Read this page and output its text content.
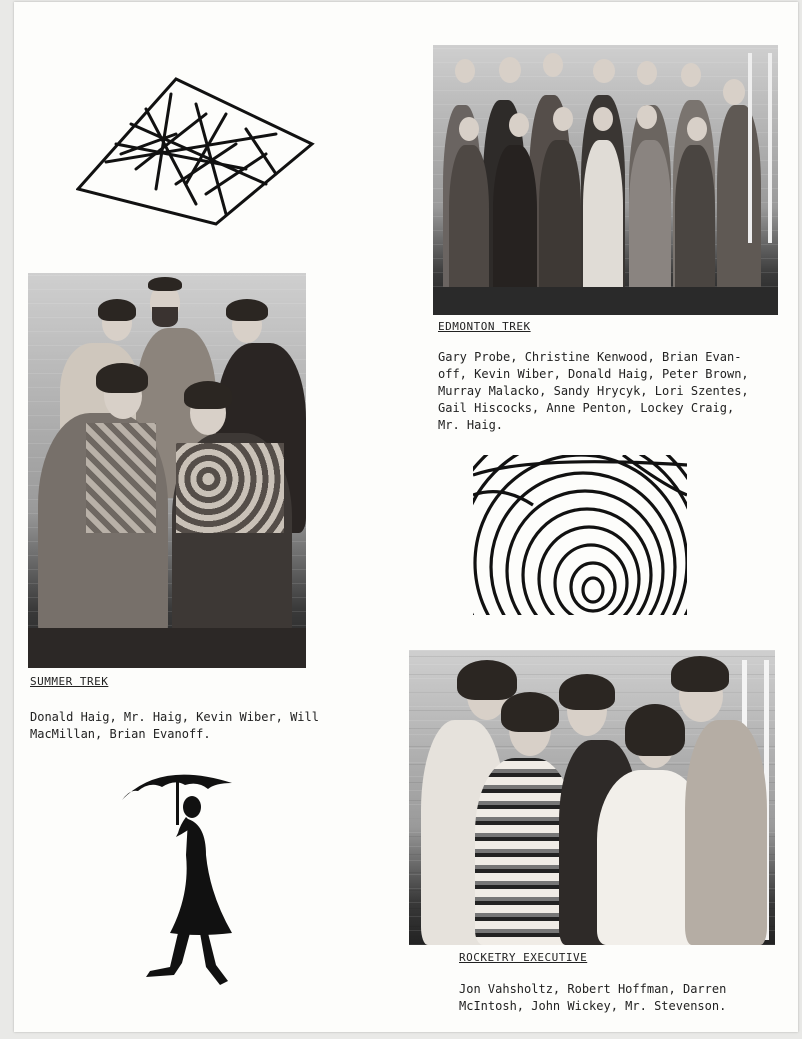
EDMONTON TREK
Gary Probe, Christine Kenwood, Brian Evan-
off, Kevin Wiber, Donald Haig, Peter Brown,
Murray Malacko, Sandy Hrycyk, Lori Szentes,
Gail Hiscocks, Anne Penton, Lockey Craig,
Mr. Haig.
SUMMER TREK
Donald Haig, Mr. Haig, Kevin Wiber, Will
MacMillan, Brian Evanoff.
ROCKETRY EXECUTIVE
Jon Vahsholtz, Robert Hoffman, Darren
McIntosh, John Wickey, Mr. Stevenson.
